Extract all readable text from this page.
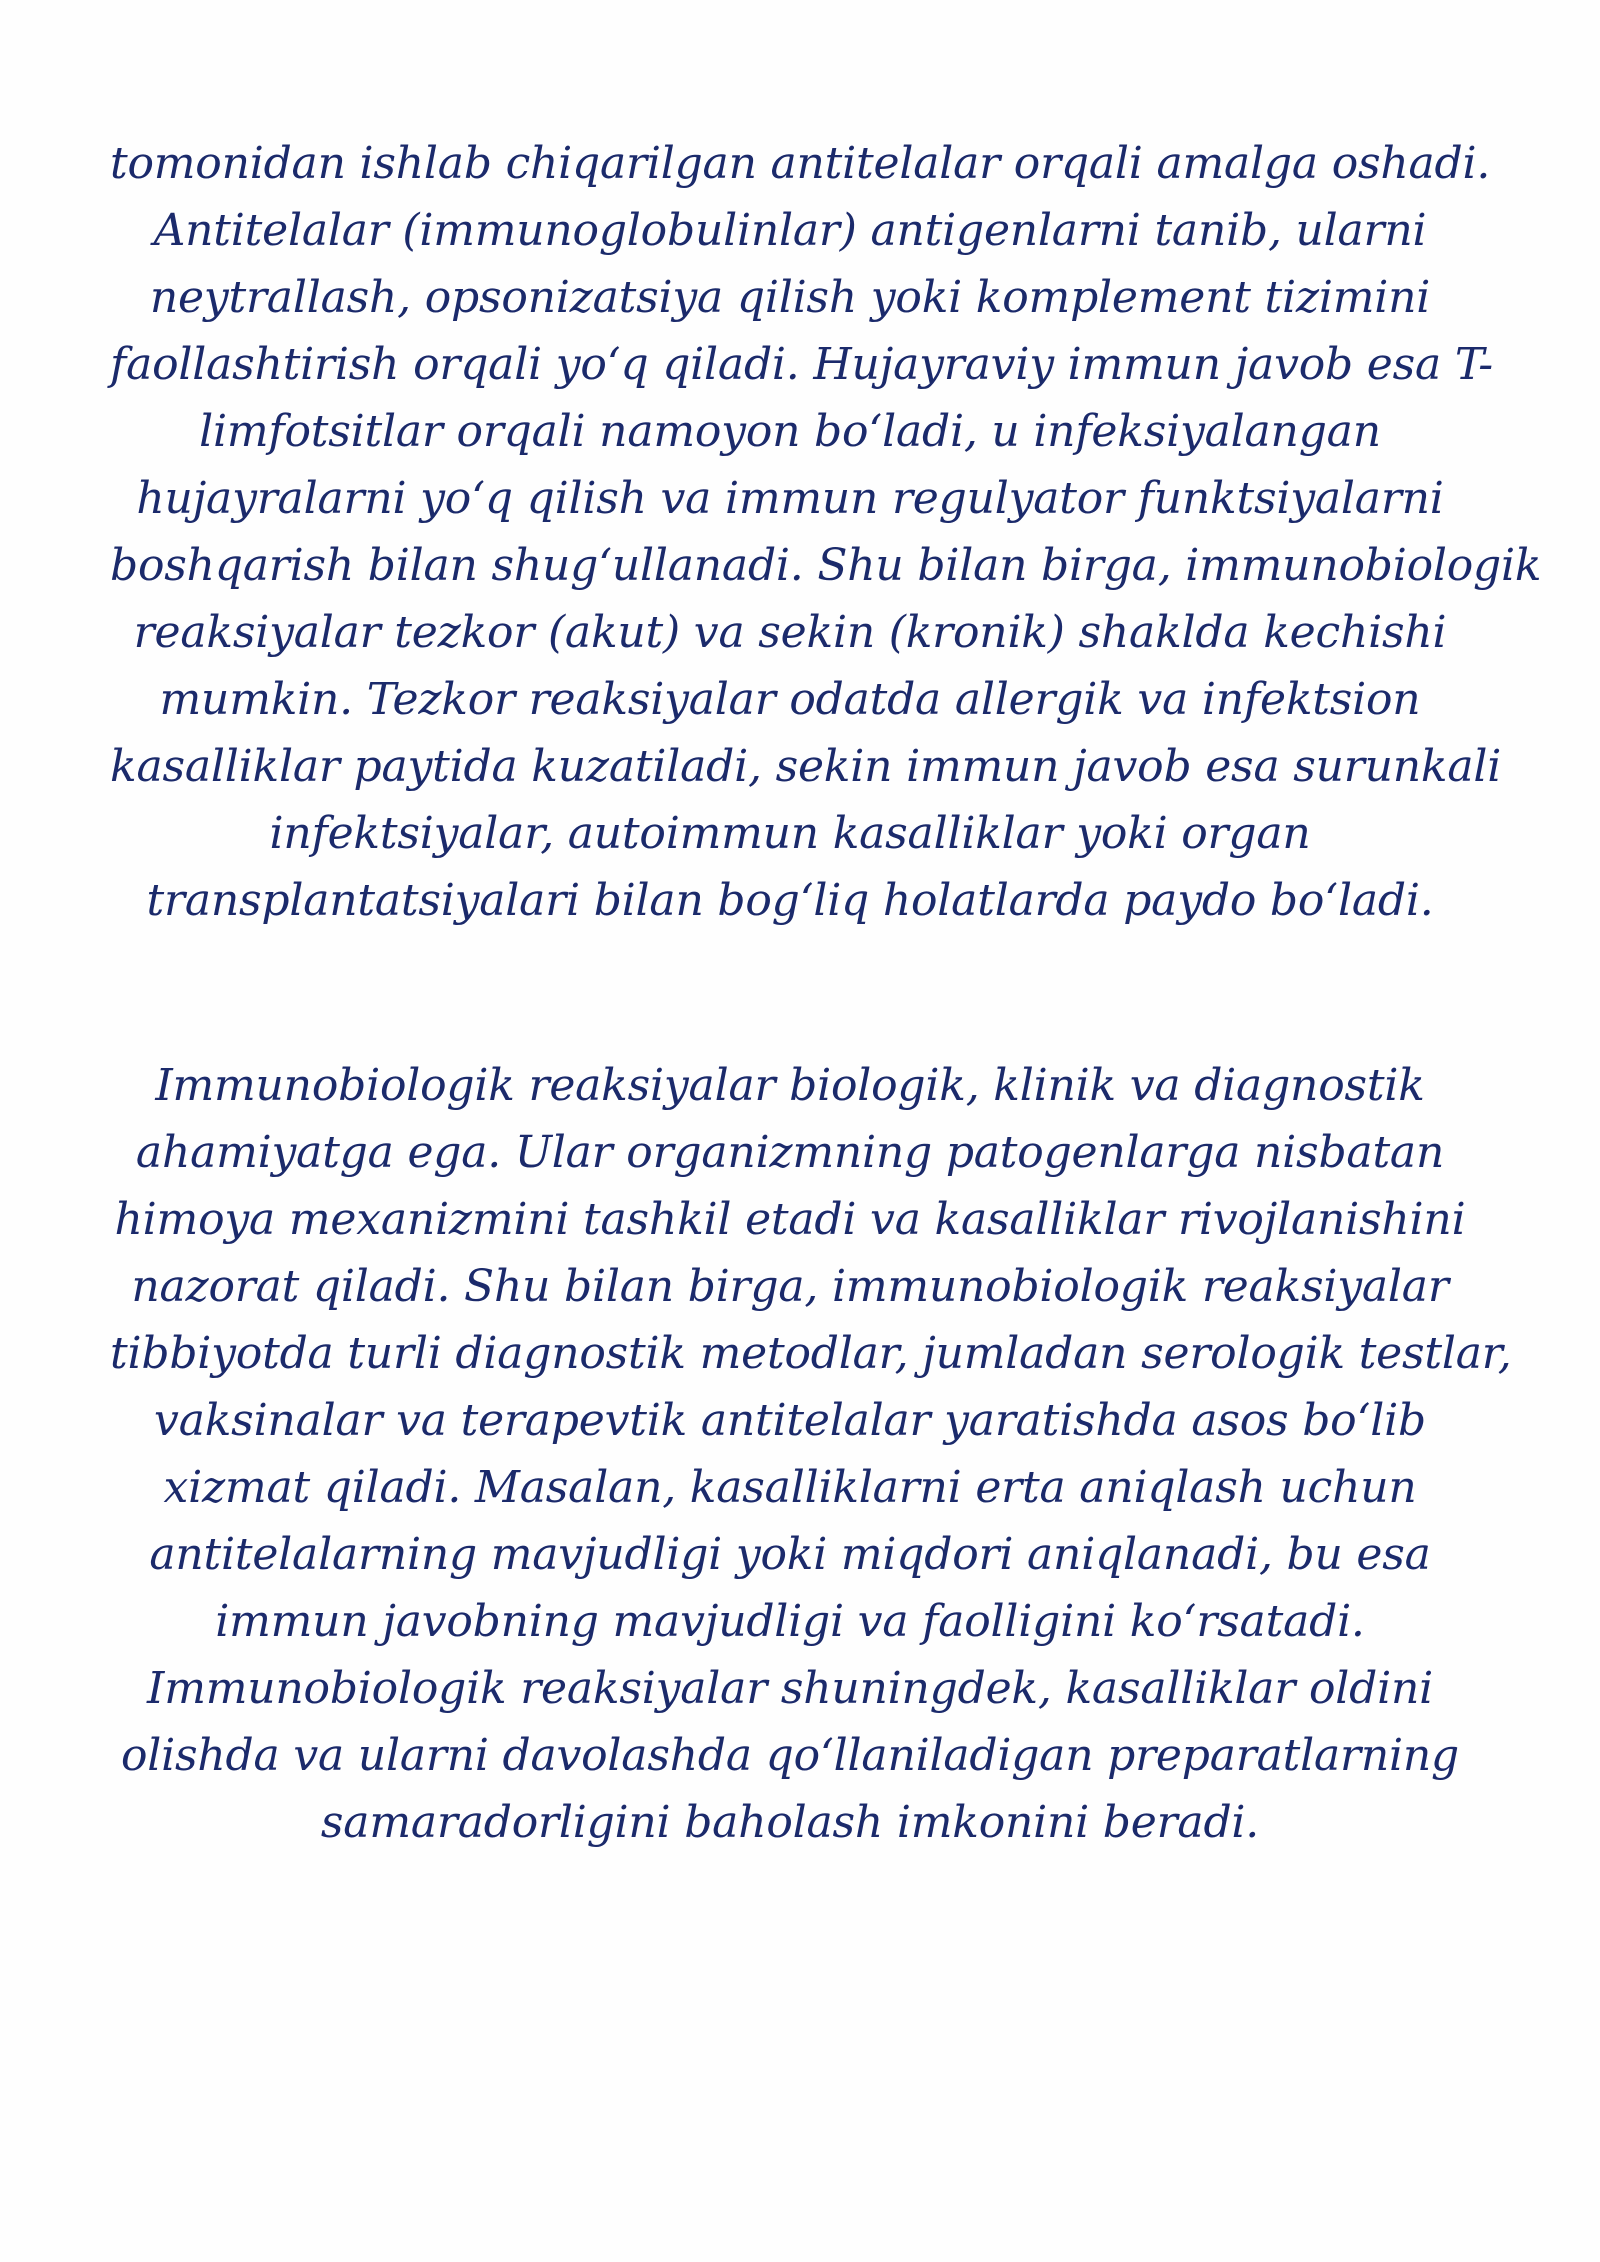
tomonidan ishlab chiqarilgan antitelalar orqali amalga oshadi.
Antitelalar (immunoglobulinlar) antigenlarni tanib, ularni
neytrallash, opsonizatsiya qilish yoki komplement tizimini
faollashtirish orqali yo‘q qiladi. Hujayraviy immun javob esa T-
limfotsitlar orqali namoyon bo‘ladi, u infeksiyalangan
hujayralarni yo‘q qilish va immun regulyator funktsiyalarni
boshqarish bilan shug‘ullanadi. Shu bilan birga, immunobiologik
reaksiyalar tezkor (akut) va sekin (kronik) shaklda kechishi
mumkin. Tezkor reaksiyalar odatda allergik va infektsion
kasalliklar paytida kuzatiladi, sekin immun javob esa surunkali
infektsiyalar, autoimmun kasalliklar yoki organ
transplantatsiyalari bilan bog‘liq holatlarda paydo bo‘ladi.
Immunobiologik reaksiyalar biologik, klinik va diagnostik
ahamiyatga ega. Ular organizmning patogenlarga nisbatan
himoya mexanizmini tashkil etadi va kasalliklar rivojlanishini
nazorat qiladi. Shu bilan birga, immunobiologik reaksiyalar
tibbiyotda turli diagnostik metodlar, jumladan serologik testlar,
vaksinalar va terapevtik antitelalar yaratishda asos bo‘lib
xizmat qiladi. Masalan, kasalliklarni erta aniqlash uchun
antitelalarning mavjudligi yoki miqdori aniqlanadi, bu esa
immun javobning mavjudligi va faolligini ko‘rsatadi.
Immunobiologik reaksiyalar shuningdek, kasalliklar oldini
olishda va ularni davolashda qo‘llaniladigan preparatlarning
samaradorligini baholash imkonini beradi.
